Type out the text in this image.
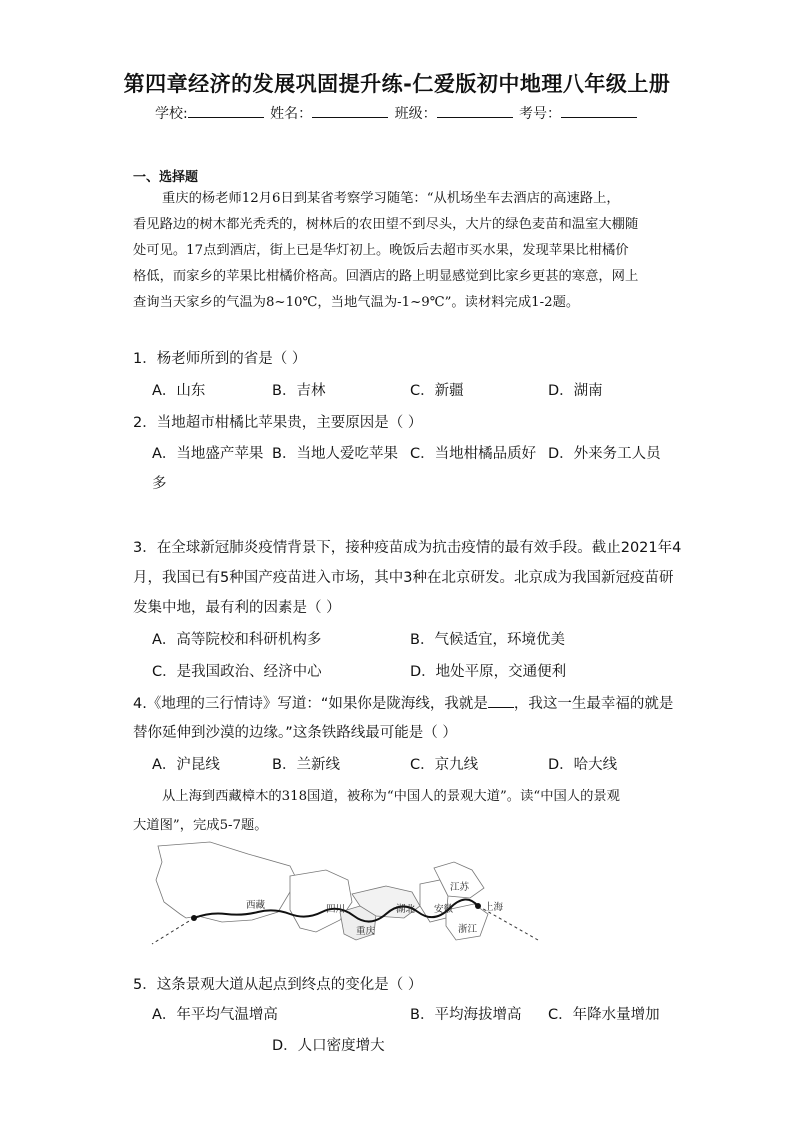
第四章经济的发展巩固提升练-仁爱版初中地理八年级上册
学校:	姓名：	班级：	考号：
一、选择题
重庆的杨老师12月6日到某省考察学习随笔：“从机场坐车去酒店的高速路上，
看见路边的树木都光秃秃的，树林后的农田望不到尽头，大片的绿色麦苗和温室大棚随
处可见。17点到酒店，街上已是华灯初上。晚饭后去超市买水果，发现苹果比柑橘价
格低，而家乡的苹果比柑橘价格高。回酒店的路上明显感觉到比家乡更甚的寒意，网上
查询当天家乡的气温为8~10℃，当地气温为-1~9℃”。读材料完成1-2题。
1．杨老师所到的省是（ ）
A．山东	B．吉林	C．新疆	D．湖南
2．当地超市柑橘比苹果贵，主要原因是（ ）
A．当地盛产苹果 B．当地人爱吃苹果 C．当地柑橘品质好 D．外来务工人员
多
3．在全球新冠肺炎疫情背景下，接种疫苗成为抗击疫情的最有效手段。截止2021年4
月，我国已有5种国产疫苗进入市场，其中3种在北京研发。北京成为我国新冠疫苗研
发集中地，最有利的因素是（ ）
A．高等院校和科研机构多	B．气候适宜，环境优美
C．是我国政治、经济中心	D．地处平原，交通便利
4.《地理的三行情诗》写道：“如果你是陇海线，我就是 ，我这一生最幸福的就是
替你延伸到沙漠的边缘。”这条铁路线最可能是（ ）
A．沪昆线	B．兰新线	C．京九线	D．哈大线
从上海到西藏樟木的318国道，被称为“中国人的景观大道”。读“中国人的景观
大道图”，完成5-7题。
西藏	四川
重庆
湖北 安徽
江苏
上海
浙江
5．这条景观大道从起点到终点的变化是（ ）
A．年平均气温增高	B．平均海拔增高 C．年降水量增加
D．人口密度增大
